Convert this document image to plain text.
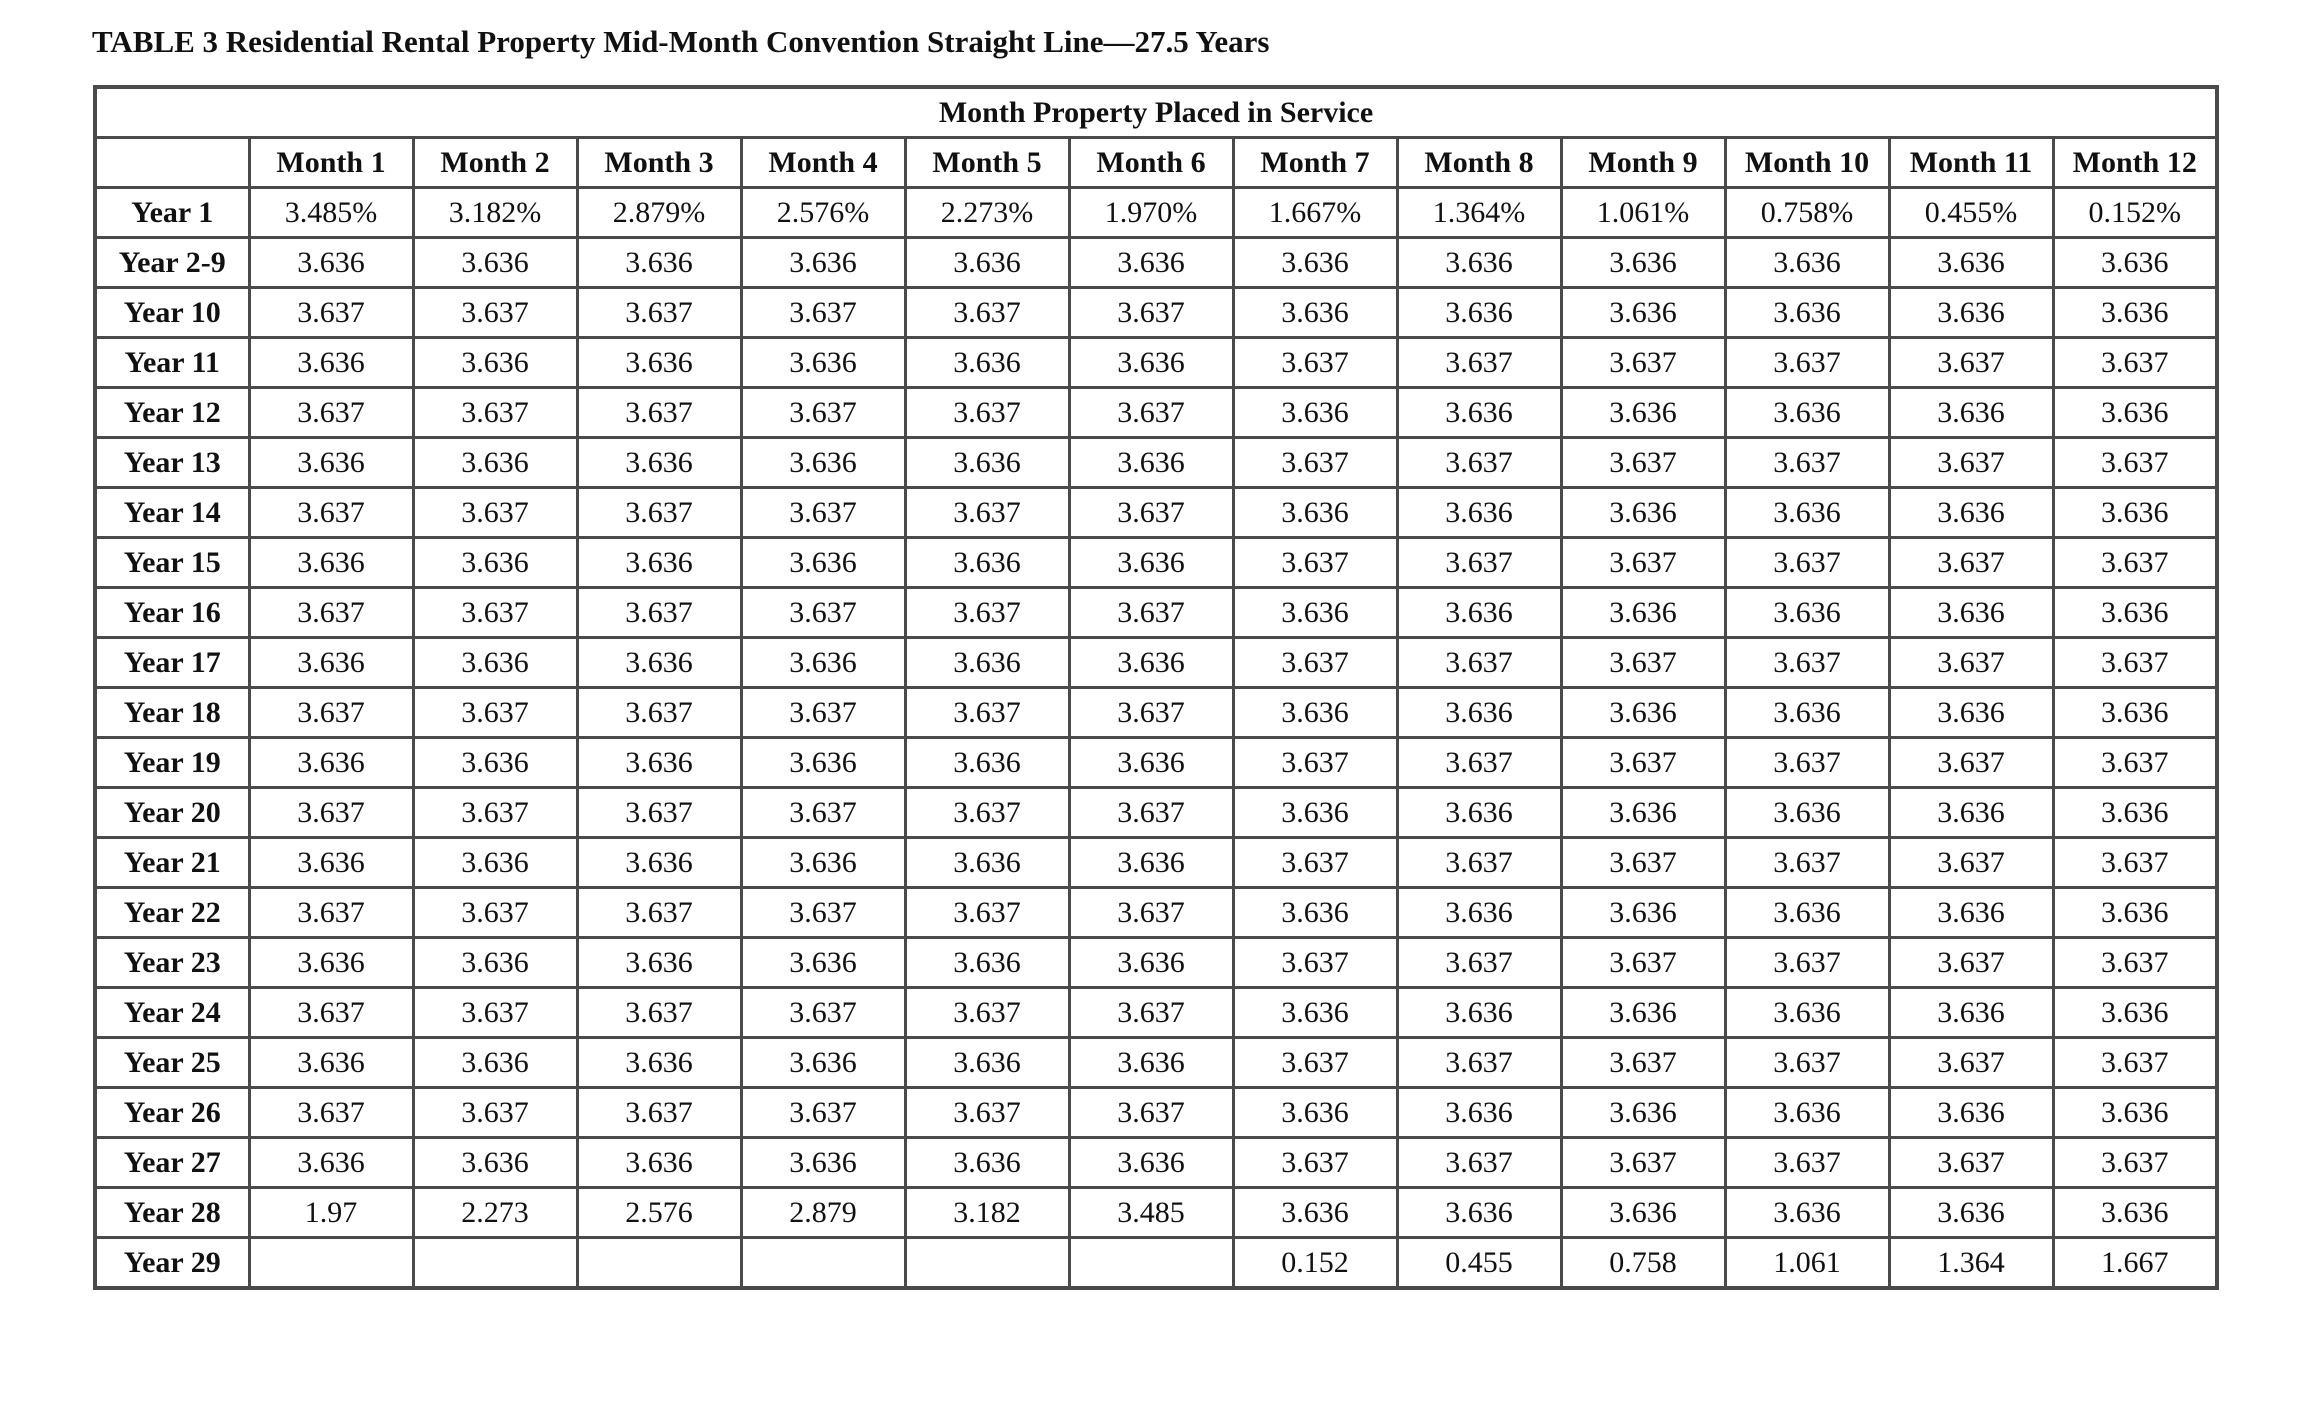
TABLE 3 Residential Rental Property Mid-Month Convention Straight Line—27.5 Years
Month Property Placed in Service												
	Month 1	Month 2	Month 3	Month 4	Month 5	Month 6	Month 7	Month 8	Month 9	Month 10	Month 11	Month 12
Year 1	3.485%	3.182%	2.879%	2.576%	2.273%	1.970%	1.667%	1.364%	1.061%	0.758%	0.455%	0.152%
Year 2-9	3.636	3.636	3.636	3.636	3.636	3.636	3.636	3.636	3.636	3.636	3.636	3.636
Year 10	3.637	3.637	3.637	3.637	3.637	3.637	3.636	3.636	3.636	3.636	3.636	3.636
Year 11	3.636	3.636	3.636	3.636	3.636	3.636	3.637	3.637	3.637	3.637	3.637	3.637
Year 12	3.637	3.637	3.637	3.637	3.637	3.637	3.636	3.636	3.636	3.636	3.636	3.636
Year 13	3.636	3.636	3.636	3.636	3.636	3.636	3.637	3.637	3.637	3.637	3.637	3.637
Year 14	3.637	3.637	3.637	3.637	3.637	3.637	3.636	3.636	3.636	3.636	3.636	3.636
Year 15	3.636	3.636	3.636	3.636	3.636	3.636	3.637	3.637	3.637	3.637	3.637	3.637
Year 16	3.637	3.637	3.637	3.637	3.637	3.637	3.636	3.636	3.636	3.636	3.636	3.636
Year 17	3.636	3.636	3.636	3.636	3.636	3.636	3.637	3.637	3.637	3.637	3.637	3.637
Year 18	3.637	3.637	3.637	3.637	3.637	3.637	3.636	3.636	3.636	3.636	3.636	3.636
Year 19	3.636	3.636	3.636	3.636	3.636	3.636	3.637	3.637	3.637	3.637	3.637	3.637
Year 20	3.637	3.637	3.637	3.637	3.637	3.637	3.636	3.636	3.636	3.636	3.636	3.636
Year 21	3.636	3.636	3.636	3.636	3.636	3.636	3.637	3.637	3.637	3.637	3.637	3.637
Year 22	3.637	3.637	3.637	3.637	3.637	3.637	3.636	3.636	3.636	3.636	3.636	3.636
Year 23	3.636	3.636	3.636	3.636	3.636	3.636	3.637	3.637	3.637	3.637	3.637	3.637
Year 24	3.637	3.637	3.637	3.637	3.637	3.637	3.636	3.636	3.636	3.636	3.636	3.636
Year 25	3.636	3.636	3.636	3.636	3.636	3.636	3.637	3.637	3.637	3.637	3.637	3.637
Year 26	3.637	3.637	3.637	3.637	3.637	3.637	3.636	3.636	3.636	3.636	3.636	3.636
Year 27	3.636	3.636	3.636	3.636	3.636	3.636	3.637	3.637	3.637	3.637	3.637	3.637
Year 28	1.97	2.273	2.576	2.879	3.182	3.485	3.636	3.636	3.636	3.636	3.636	3.636
Year 29							0.152	0.455	0.758	1.061	1.364	1.667
